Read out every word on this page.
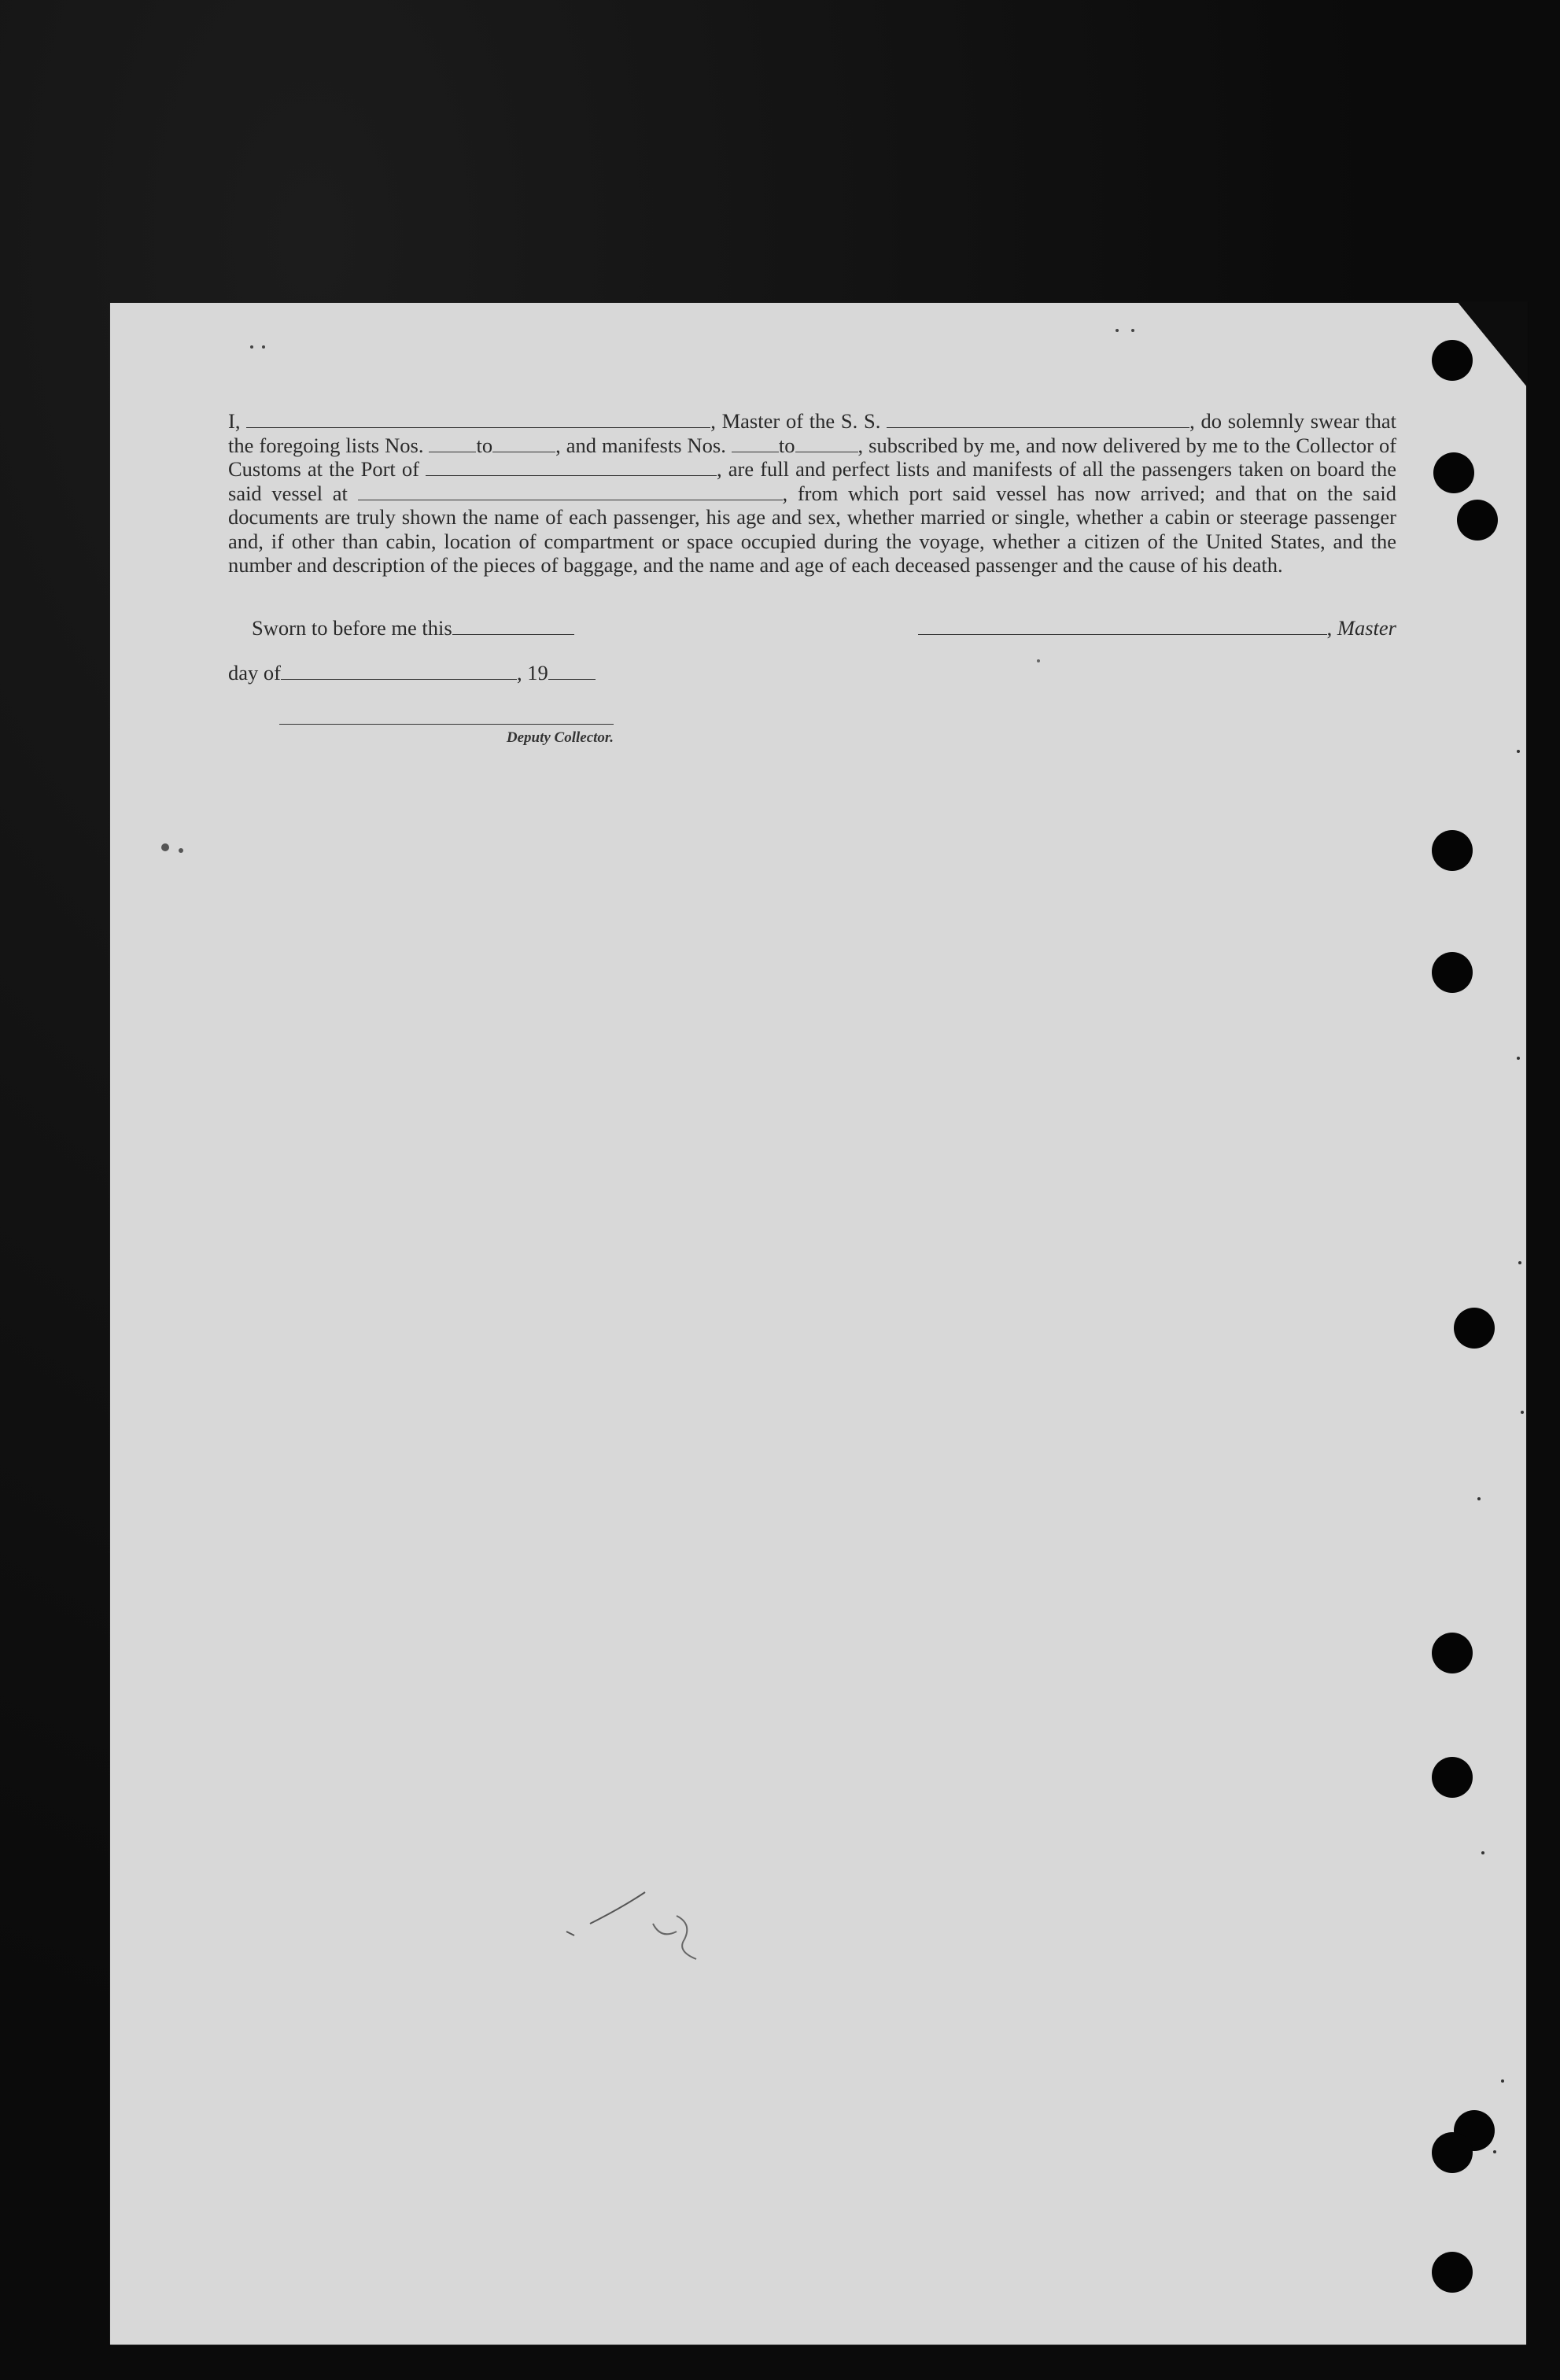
I,	, Master of the S. S.	, do solemnly swear that the foregoing lists Nos.	to	, and manifests Nos.	to	, subscribed by me, and now delivered by me to the Collector of Customs at the Port of	, are full and perfect lists and manifests of all the passengers taken on board the said vessel at	, from which port said vessel has now arrived; and that on the said documents are truly shown the name of each passenger, his age and sex, whether married or single, whether a cabin or steerage passenger and, if other than cabin, location of compartment or space occupied during the voyage, whether a citizen of the United States, and the number and description of the pieces of baggage, and the name and age of each deceased passenger and the cause of his death.
Sworn to before me this	, Master
day of	, 19
Deputy Collector.
